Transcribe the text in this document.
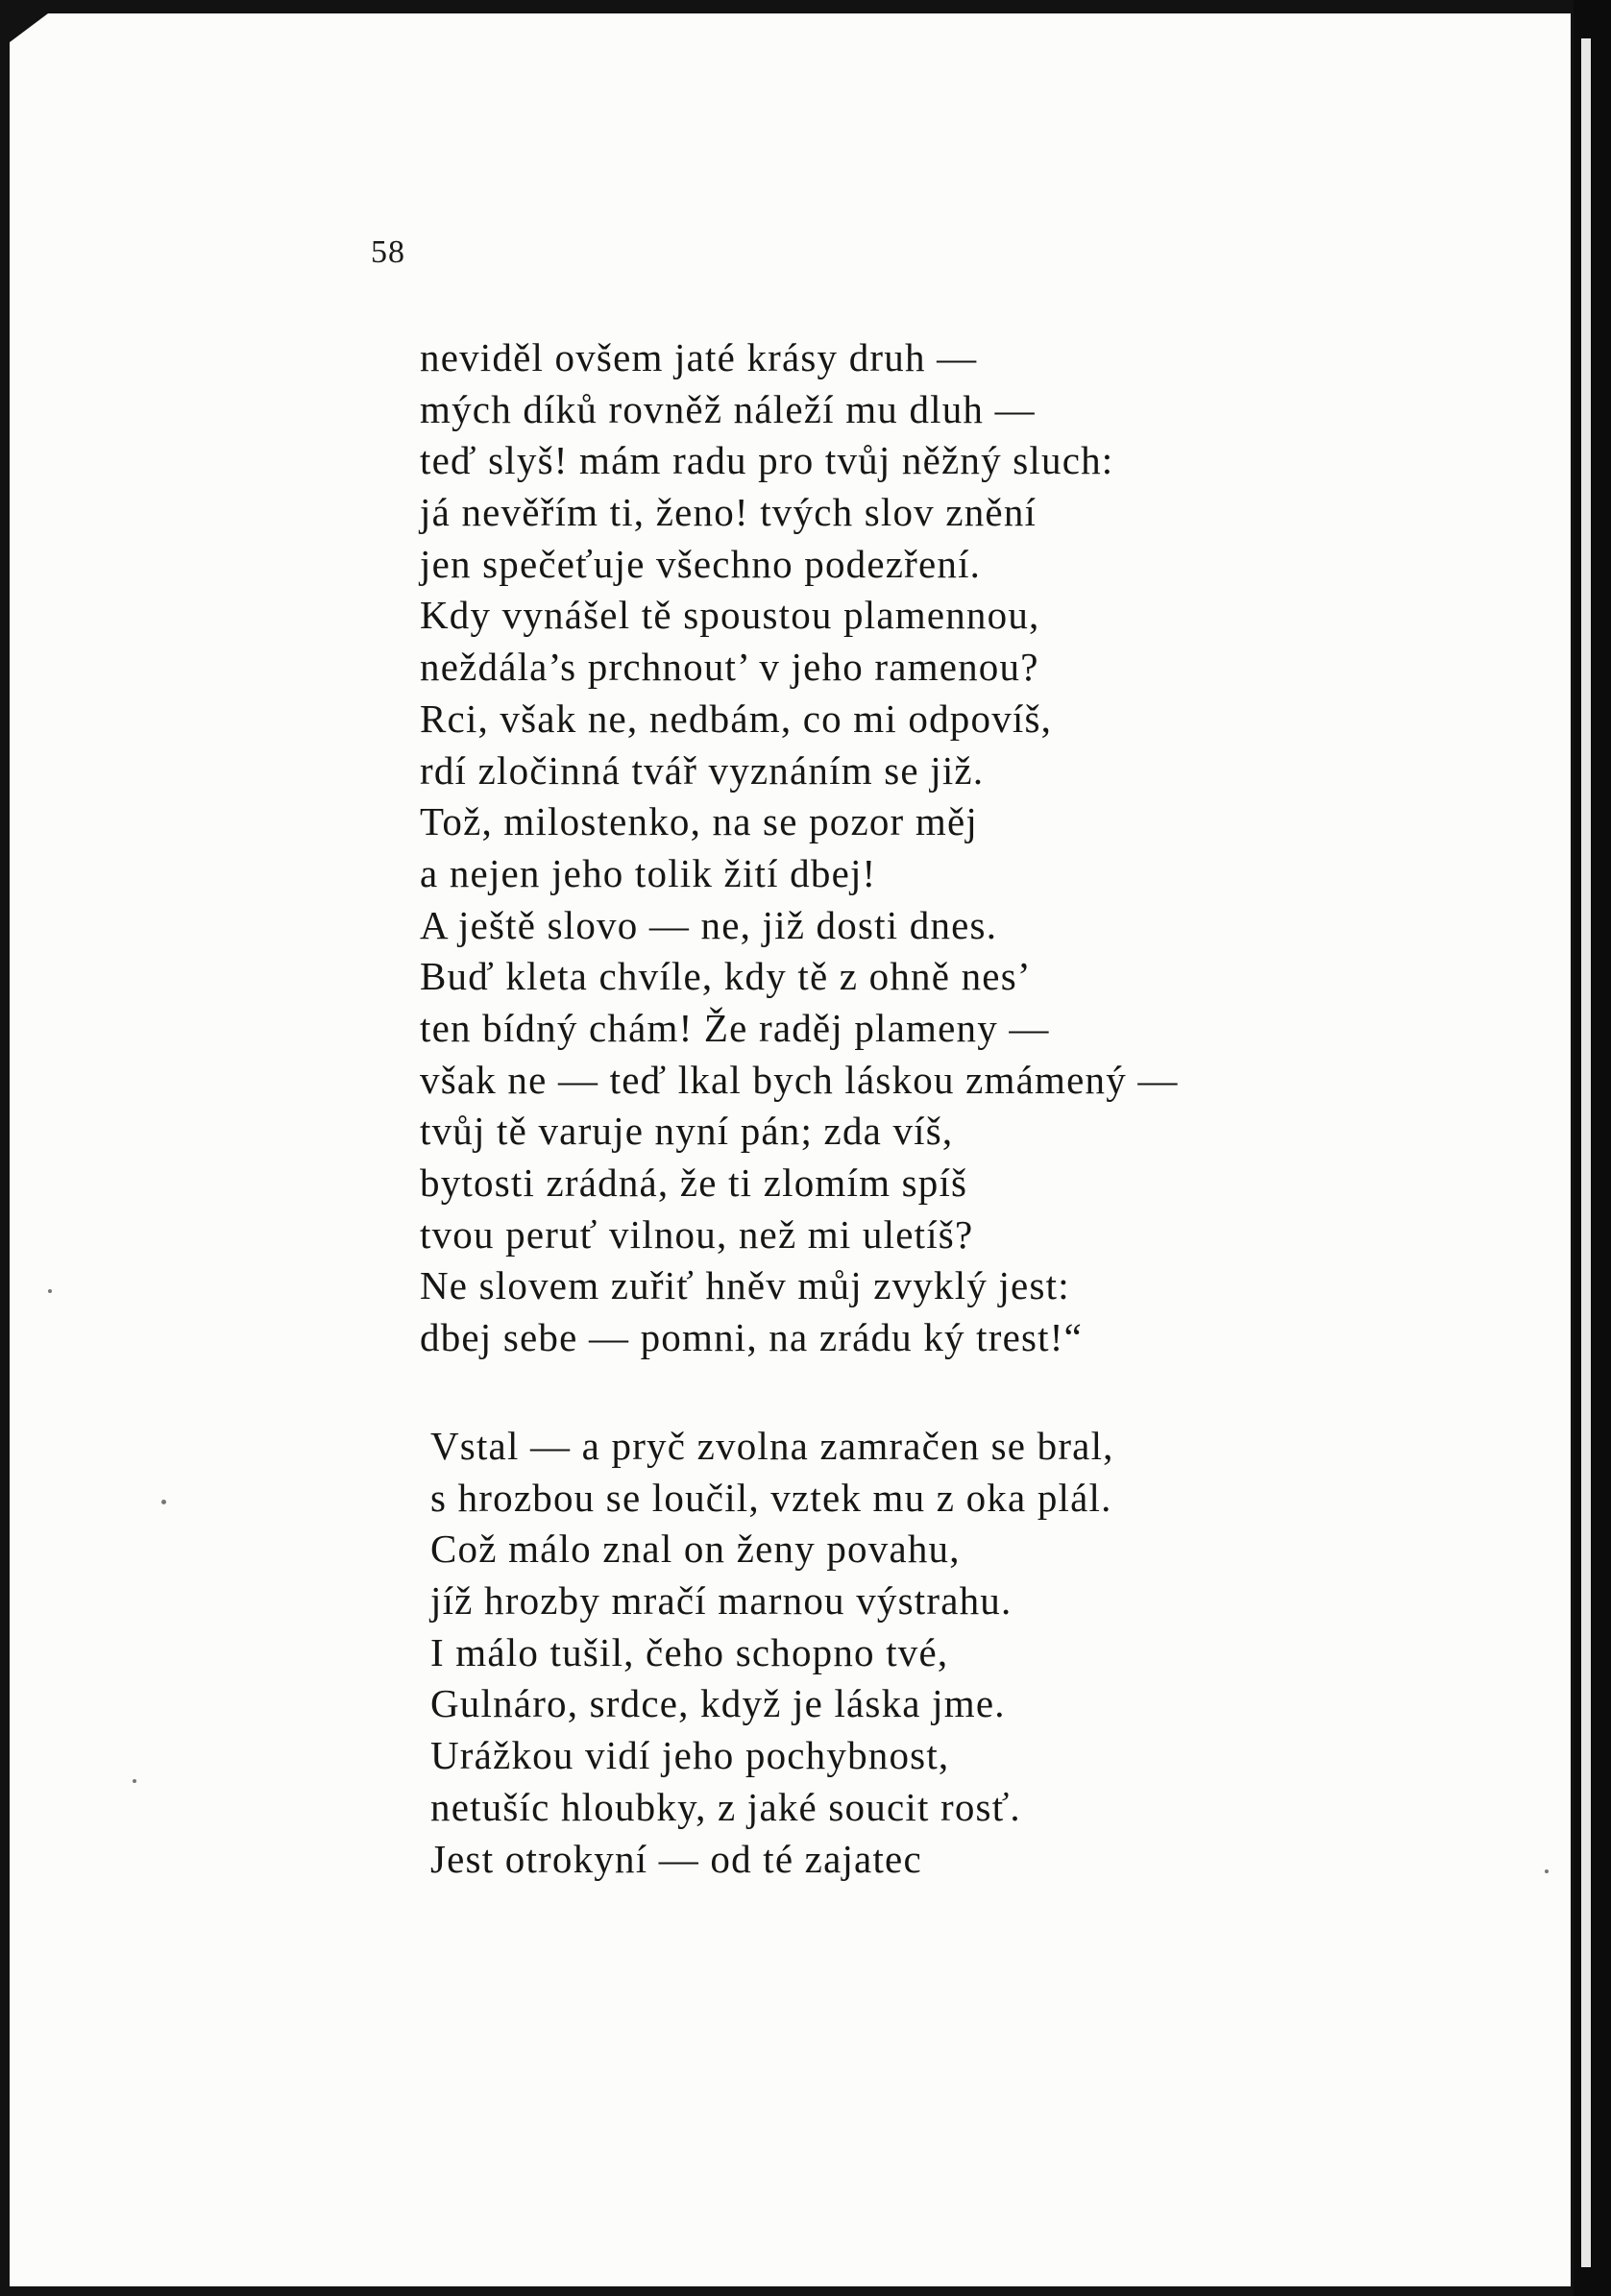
58
neviděl ovšem jaté krásy druh —
mých díků rovněž náleží mu dluh —
teď slyš! mám radu pro tvůj něžný sluch:
já nevěřím ti, ženo! tvých slov znění
jen spečeťuje všechno podezření.
Kdy vynášel tě spoustou plamennou,
neždála’s prchnout’ v jeho ramenou?
Rci, však ne, nedbám, co mi odpovíš,
rdí zločinná tvář vyznáním se již.
Tož, milostenko, na se pozor měj
a nejen jeho tolik žití dbej!
A ještě slovo — ne, již dosti dnes.
Buď kleta chvíle, kdy tě z ohně nes’
ten bídný chám! Že raděj plameny —
však ne — teď lkal bych láskou zmámený —
tvůj tě varuje nyní pán; zda víš,
bytosti zrádná, že ti zlomím spíš
tvou peruť vilnou, než mi uletíš?
Ne slovem zuřiť hněv můj zvyklý jest:
dbej sebe — pomni, na zrádu ký trest!“
Vstal — a pryč zvolna zamračen se bral,
s hrozbou se loučil, vztek mu z oka plál.
Což málo znal on ženy povahu,
jíž hrozby mračí marnou výstrahu.
I málo tušil, čeho schopno tvé,
Gulnáro, srdce, když je láska jme.
Urážkou vidí jeho pochybnost,
netušíc hloubky, z jaké soucit rosť.
Jest otrokyní — od té zajatec
